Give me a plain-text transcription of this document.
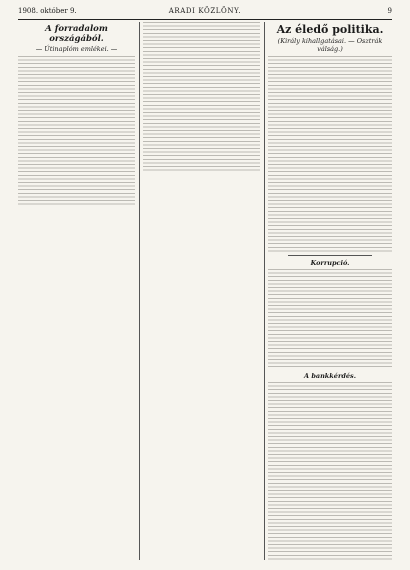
1908. október 9.	ARADI KÖZLÖNY.	9
A forradalom országából.
— Útinaplóm emlékei. —
Az éledő politika.
(Király kihallgatásai. — Osztrák válság.)
Korrupció.
A bankkérdés.
